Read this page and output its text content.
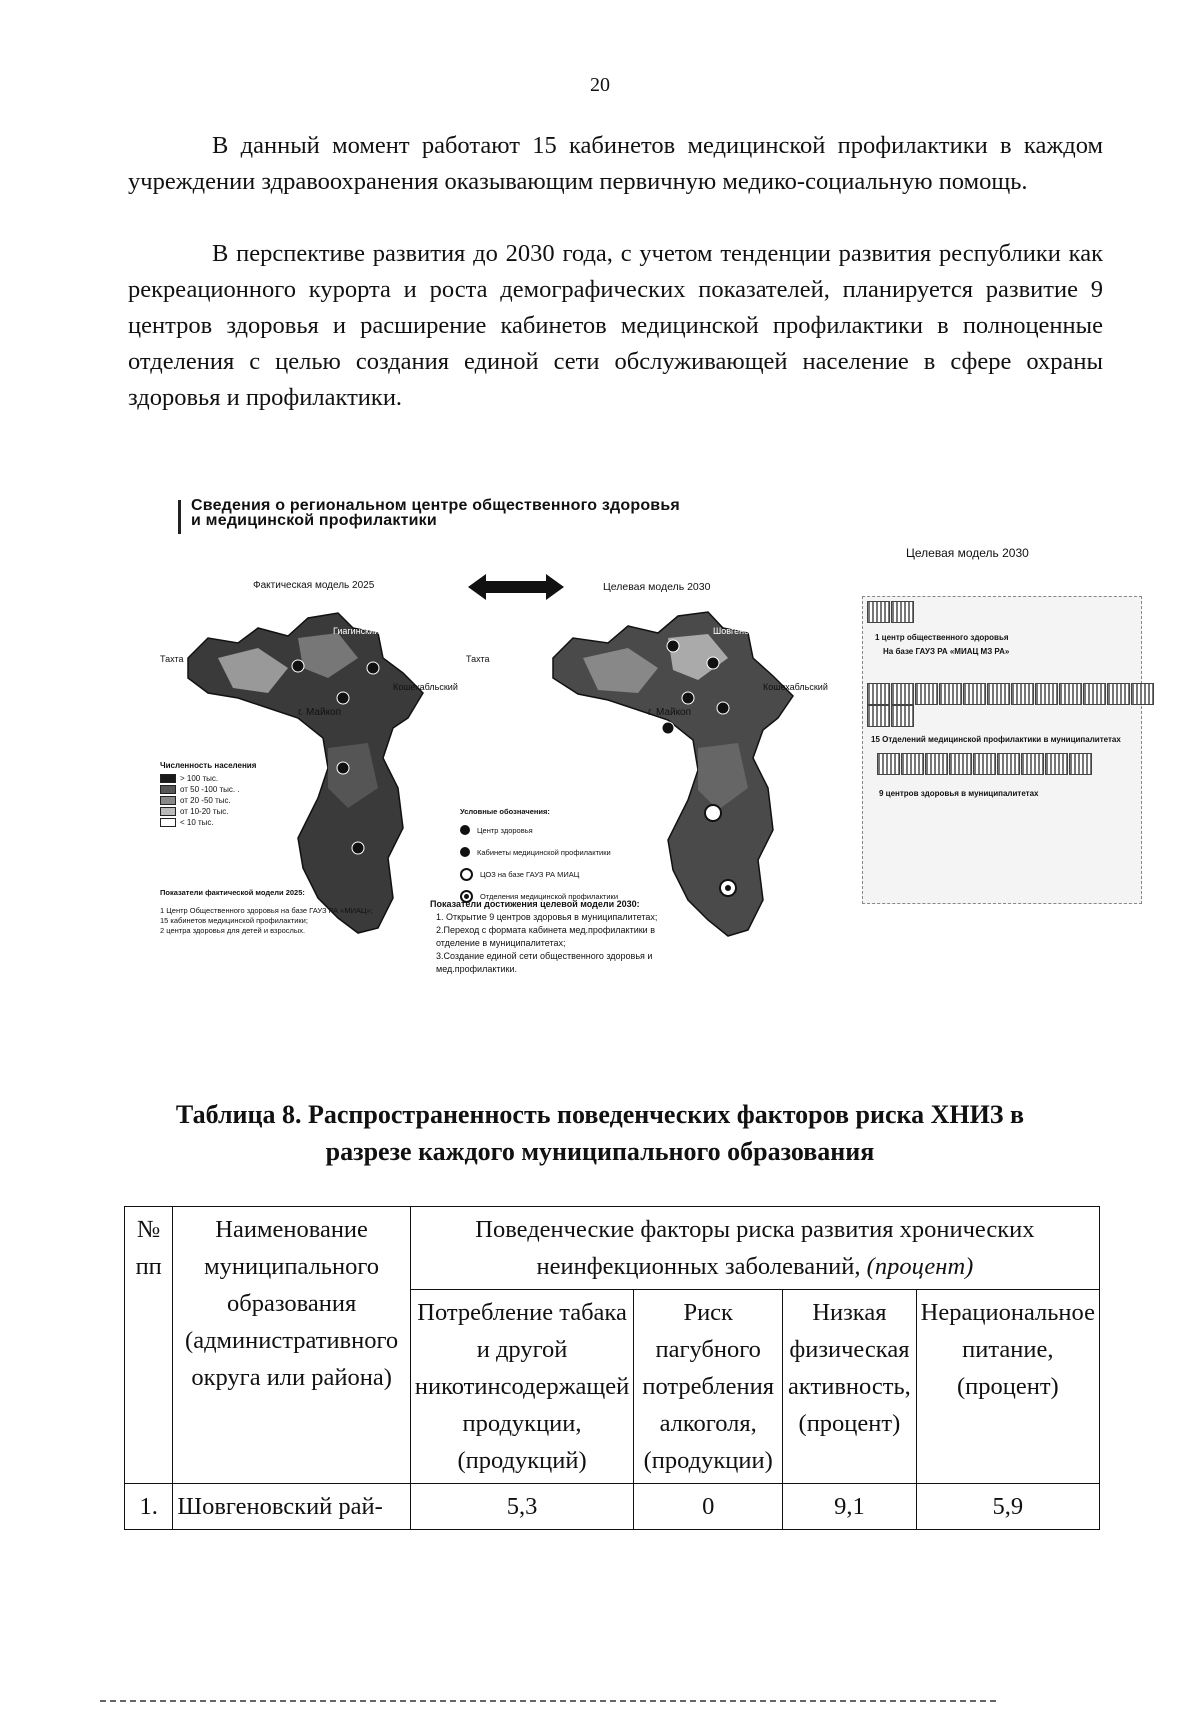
20

В данный момент работают 15 кабинетов медицинской профилактики в каждом учреждении здравоохранения оказывающим первичную медико-социальную помощь.

В перспективе развития до 2030 года, с учетом тенденции развития республики как рекреационного курорта и роста демографических показателей, планируется развитие 9 центров здоровья и расширение кабинетов медицинской профилактики в полноценные отделения с целью создания единой сети обслуживающей население в сфере охраны здоровья и профилактики.

Сведения о региональном центре общественного здоровья
и медицинской профилактики
Фактическая модель 2025	Целевая модель 2030
Целевая модель 2030
Тахта
Гиагинский
Кошехабльский
г. Майкоп
Тахта
Шовгеновский
Кошехабльский
г. Майкоп
Численность населения
> 100 тыс.
от 50 -100 тыс. .
от 20 -50 тыс.
от 10-20 тыс.
< 10 тыс.
Условные обозначения:
Центр здоровья
Кабинеты медицинской профилактики
ЦОЗ на базе ГАУЗ РА МИАЦ
Отделения медицинской профилактики
1 центр общественного здоровья
На базе ГАУЗ РА «МИАЦ МЗ РА»
15 Отделений медицинской профилактики в муниципалитетах
9 центров здоровья в муниципалитетах
Показатели фактической модели 2025:
1 Центр Общественного здоровья на базе ГАУЗ РА «МИАЦ»;
15 кабинетов медицинской профилактики;
2 центра здоровья для детей и взрослых.
Показатели достижения целевой модели 2030:
1. Открытие 9 центров здоровья в муниципалитетах;
2.Переход с формата кабинета мед.профилактики в
отделение в муниципалитетах;
3.Создание единой сети общественного здоровья и
мед.профилактики.
Таблица 8. Распространенность поведенческих факторов риска ХНИЗ в
разрезе каждого муниципального образования
№ пп	Наименование муниципального образования (административного округа или района)	Поведенческие факторы риска развития хронических неинфекционных заболеваний, (процент)			
		Потребление табака и другой никотинсодержащей продукции, (продукций)	Риск пагубного потребления алкоголя, (продукции)	Низкая физическая активность,(процент)	Нерациональное питание, (процент)
1.	Шовгеновский рай-	5,3	0	9,1	5,9
